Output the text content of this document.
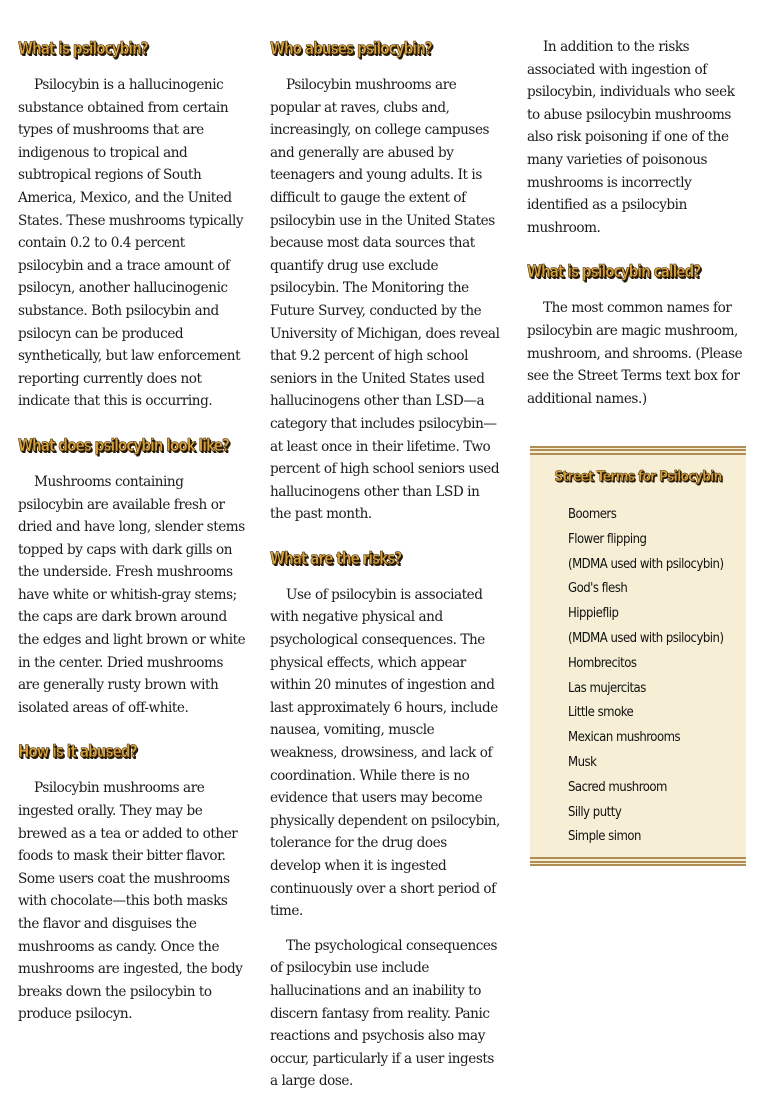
What is psilocybin?

Psilocybin is a hallucinogenic substance obtained from certain types of mushrooms that are indigenous to tropical and subtropical regions of South America, Mexico, and the United States. These mushrooms typically contain 0.2 to 0.4 percent psilocybin and a trace amount of psilocyn, another hallucinogenic substance. Both psilocybin and psilocyn can be produced synthetically, but law enforcement reporting currently does not indicate that this is occurring.

What does psilocybin look like?

Mushrooms containing psilocybin are available fresh or dried and have long, slender stems topped by caps with dark gills on the underside. Fresh mushrooms have white or whitish-gray stems; the caps are dark brown around the edges and light brown or white in the center. Dried mushrooms are generally rusty brown with isolated areas of off-white.

How is it abused?

Psilocybin mushrooms are ingested orally. They may be brewed as a tea or added to other foods to mask their bitter flavor. Some users coat the mushrooms with chocolate—this both masks the flavor and disguises the mushrooms as candy. Once the mushrooms are ingested, the body breaks down the psilocybin to produce psilocyn.

Who abuses psilocybin?

Psilocybin mushrooms are popular at raves, clubs and, increasingly, on college campuses and generally are abused by teenagers and young adults. It is difficult to gauge the extent of psilocybin use in the United States because most data sources that quantify drug use exclude psilocybin. The Monitoring the Future Survey, conducted by the University of Michigan, does reveal that 9.2 percent of high school seniors in the United States used hallucinogens other than LSD—a category that includes psilocybin—at least once in their lifetime. Two percent of high school seniors used hallucinogens other than LSD in the past month.

What are the risks?

Use of psilocybin is associated with negative physical and psychological consequences. The physical effects, which appear within 20 minutes of ingestion and last approximately 6 hours, include nausea, vomiting, muscle weakness, drowsiness, and lack of coordination. While there is no evidence that users may become physically dependent on psilocybin, tolerance for the drug does develop when it is ingested continuously over a short period of time.

The psychological consequences of psilocybin use include hallucinations and an inability to discern fantasy from reality. Panic reactions and psychosis also may occur, particularly if a user ingests a large dose.

In addition to the risks associated with ingestion of psilocybin, individuals who seek to abuse psilocybin mushrooms also risk poisoning if one of the many varieties of poisonous mushrooms is incorrectly identified as a psilocybin mushroom.

What is psilocybin called?

The most common names for psilocybin are magic mushroom, mushroom, and shrooms. (Please see the Street Terms text box for additional names.)

Street Terms for Psilocybin
Boomers
Flower flipping
(MDMA used with psilocybin)
God's flesh
Hippieflip
(MDMA used with psilocybin)
Hombrecitos
Las mujercitas
Little smoke
Mexican mushrooms
Musk
Sacred mushroom
Silly putty
Simple simon
